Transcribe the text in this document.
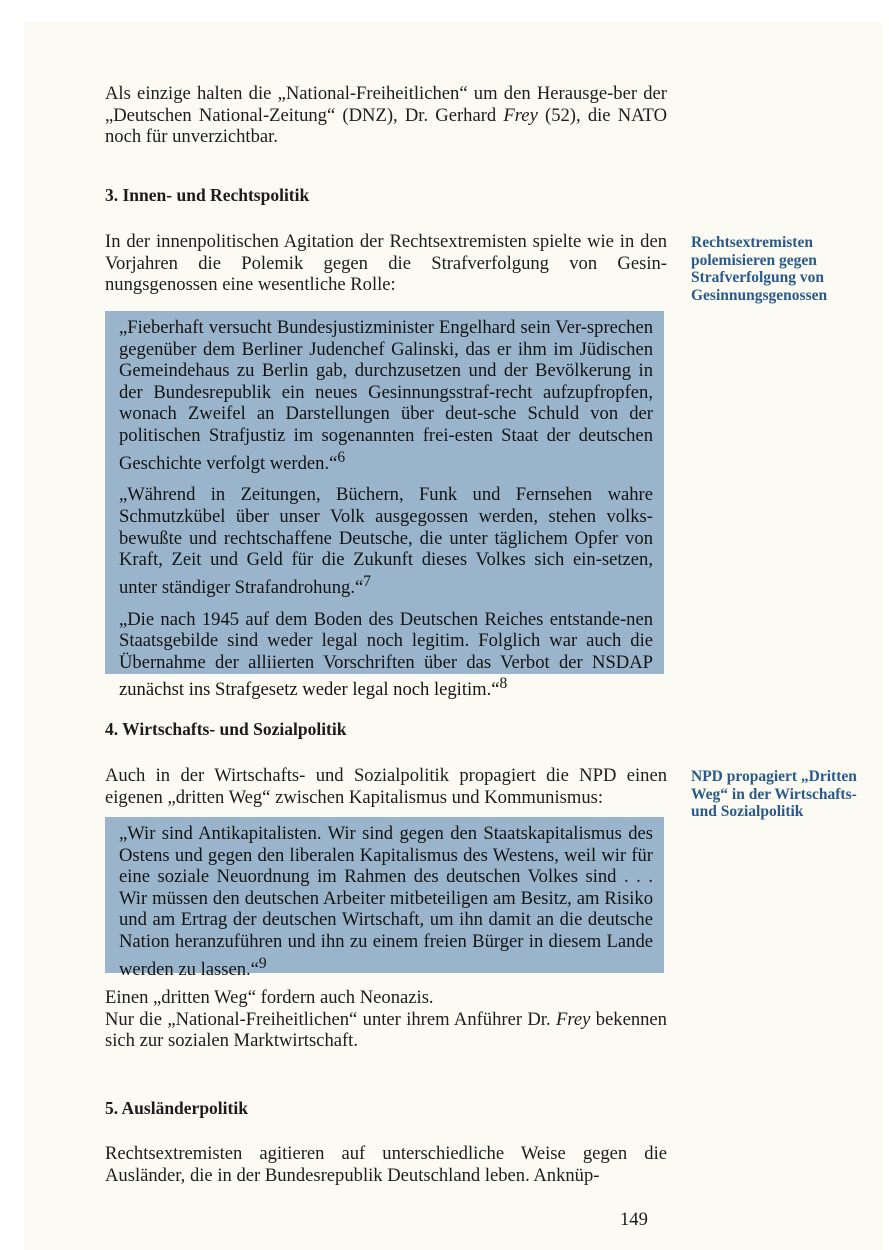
Als einzige halten die „National-Freiheitlichen“ um den Herausge-ber der „Deutschen National-Zeitung“ (DNZ), Dr. Gerhard Frey (52), die NATO noch für unverzichtbar.

3. Innen- und Rechtspolitik

In der innenpolitischen Agitation der Rechtsextremisten spielte wie in den Vorjahren die Polemik gegen die Strafverfolgung von Gesin-nungsgenossen eine wesentliche Rolle:

Rechtsextremisten polemisieren gegen Strafverfolgung von Gesinnungsgenossen

„Fieberhaft versucht Bundesjustizminister Engelhard sein Ver-sprechen gegenüber dem Berliner Judenchef Galinski, das er ihm im Jüdischen Gemeindehaus zu Berlin gab, durchzusetzen und der Bevölkerung in der Bundesrepublik ein neues Gesinnungsstraf-recht aufzupfropfen, wonach Zweifel an Darstellungen über deut-sche Schuld von der politischen Strafjustiz im sogenannten frei-esten Staat der deutschen Geschichte verfolgt werden.“$^6$

„Während in Zeitungen, Büchern, Funk und Fernsehen wahre Schmutzkübel über unser Volk ausgegossen werden, stehen volks-bewußte und rechtschaffene Deutsche, die unter täglichem Opfer von Kraft, Zeit und Geld für die Zukunft dieses Volkes sich ein-setzen, unter ständiger Strafandrohung.“$^7$

„Die nach 1945 auf dem Boden des Deutschen Reiches entstande-nen Staatsgebilde sind weder legal noch legitim. Folglich war auch die Übernahme der alliierten Vorschriften über das Verbot der NSDAP zunächst ins Strafgesetz weder legal noch legitim.“$^8$

4. Wirtschafts- und Sozialpolitik

Auch in der Wirtschafts- und Sozialpolitik propagiert die NPD einen eigenen „dritten Weg“ zwischen Kapitalismus und Kommunismus:

NPD propagiert „Dritten Weg“ in der Wirtschafts- und Sozialpolitik

„Wir sind Antikapitalisten. Wir sind gegen den Staatskapitalismus des Ostens und gegen den liberalen Kapitalismus des Westens, weil wir für eine soziale Neuordnung im Rahmen des deutschen Volkes sind . . . Wir müssen den deutschen Arbeiter mitbeteiligen am Besitz, am Risiko und am Ertrag der deutschen Wirtschaft, um ihn damit an die deutsche Nation heranzuführen und ihn zu einem freien Bürger in diesem Lande werden zu lassen.“$^9$

Einen „dritten Weg“ fordern auch Neonazis.
Nur die „National-Freiheitlichen“ unter ihrem Anführer Dr. Frey bekennen sich zur sozialen Marktwirtschaft.

5. Ausländerpolitik

Rechtsextremisten agitieren auf unterschiedliche Weise gegen die Ausländer, die in der Bundesrepublik Deutschland leben. Anknüp-

149
